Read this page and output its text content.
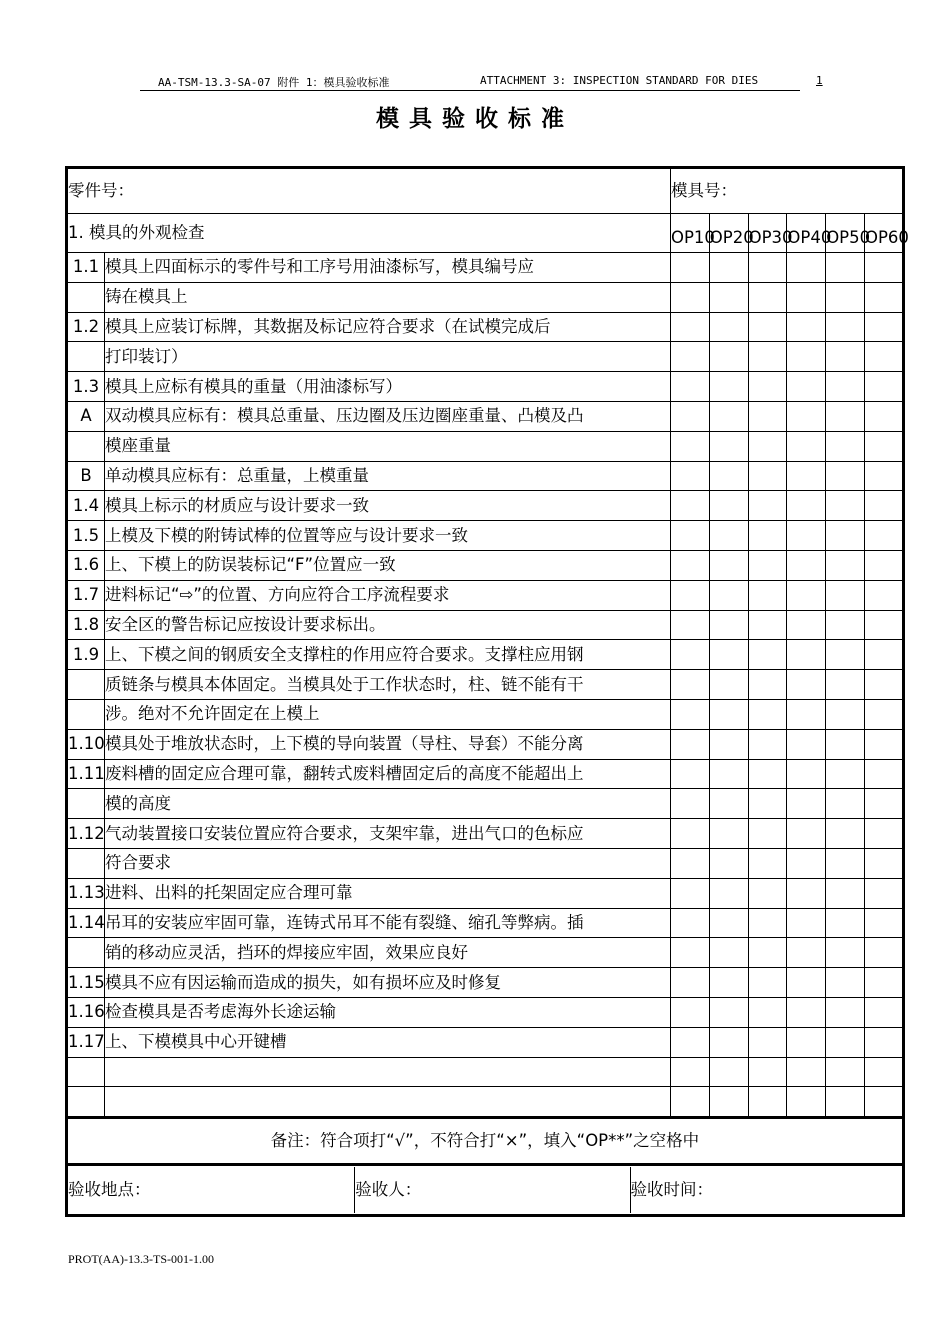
AA-TSM-13.3-SA-07 附件 1：模具验收标准	ATTACHMENT 3: INSPECTION STANDARD FOR DIES	1
模具验收标准
零件号：	模具号：
1. 模具的外观检查	OP10	OP20	OP30	OP40	OP50	OP60
1.1	模具上四面标示的零件号和工序号用油漆标写，模具编号应						
	铸在模具上						
1.2	模具上应装订标牌，其数据及标记应符合要求（在试模完成后						
	打印装订）						
1.3	模具上应标有模具的重量（用油漆标写）						
A	双动模具应标有：模具总重量、压边圈及压边圈座重量、凸模及凸						
	模座重量						
B	单动模具应标有：总重量，上模重量						
1.4	模具上标示的材质应与设计要求一致						
1.5	上模及下模的附铸试棒的位置等应与设计要求一致						
1.6	上、下模上的防误装标记“F”位置应一致						
1.7	进料标记“⇨”的位置、方向应符合工序流程要求						
1.8	安全区的警告标记应按设计要求标出。						
1.9	上、下模之间的钢质安全支撑柱的作用应符合要求。支撑柱应用钢						
	质链条与模具本体固定。当模具处于工作状态时，柱、链不能有干						
	涉。绝对不允许固定在上模上						
1.10	模具处于堆放状态时，上下模的导向装置（导柱、导套）不能分离						
1.11	废料槽的固定应合理可靠，翻转式废料槽固定后的高度不能超出上						
	模的高度						
1.12	气动装置接口安装位置应符合要求，支架牢靠，进出气口的色标应						
	符合要求						
1.13	进料、出料的托架固定应合理可靠						
1.14	吊耳的安装应牢固可靠，连铸式吊耳不能有裂缝、缩孔等弊病。插						
	销的移动应灵活，挡环的焊接应牢固，效果应良好						
1.15	模具不应有因运输而造成的损失，如有损坏应及时修复						
1.16	检查模具是否考虑海外长途运输						
1.17	上、下模模具中心开键槽						

备注：符合项打“√”，不符合打“×”，填入“OP**”之空格中

验收地点：	验收人：	验收时间：
PROT(AA)-13.3-TS-001-1.00
